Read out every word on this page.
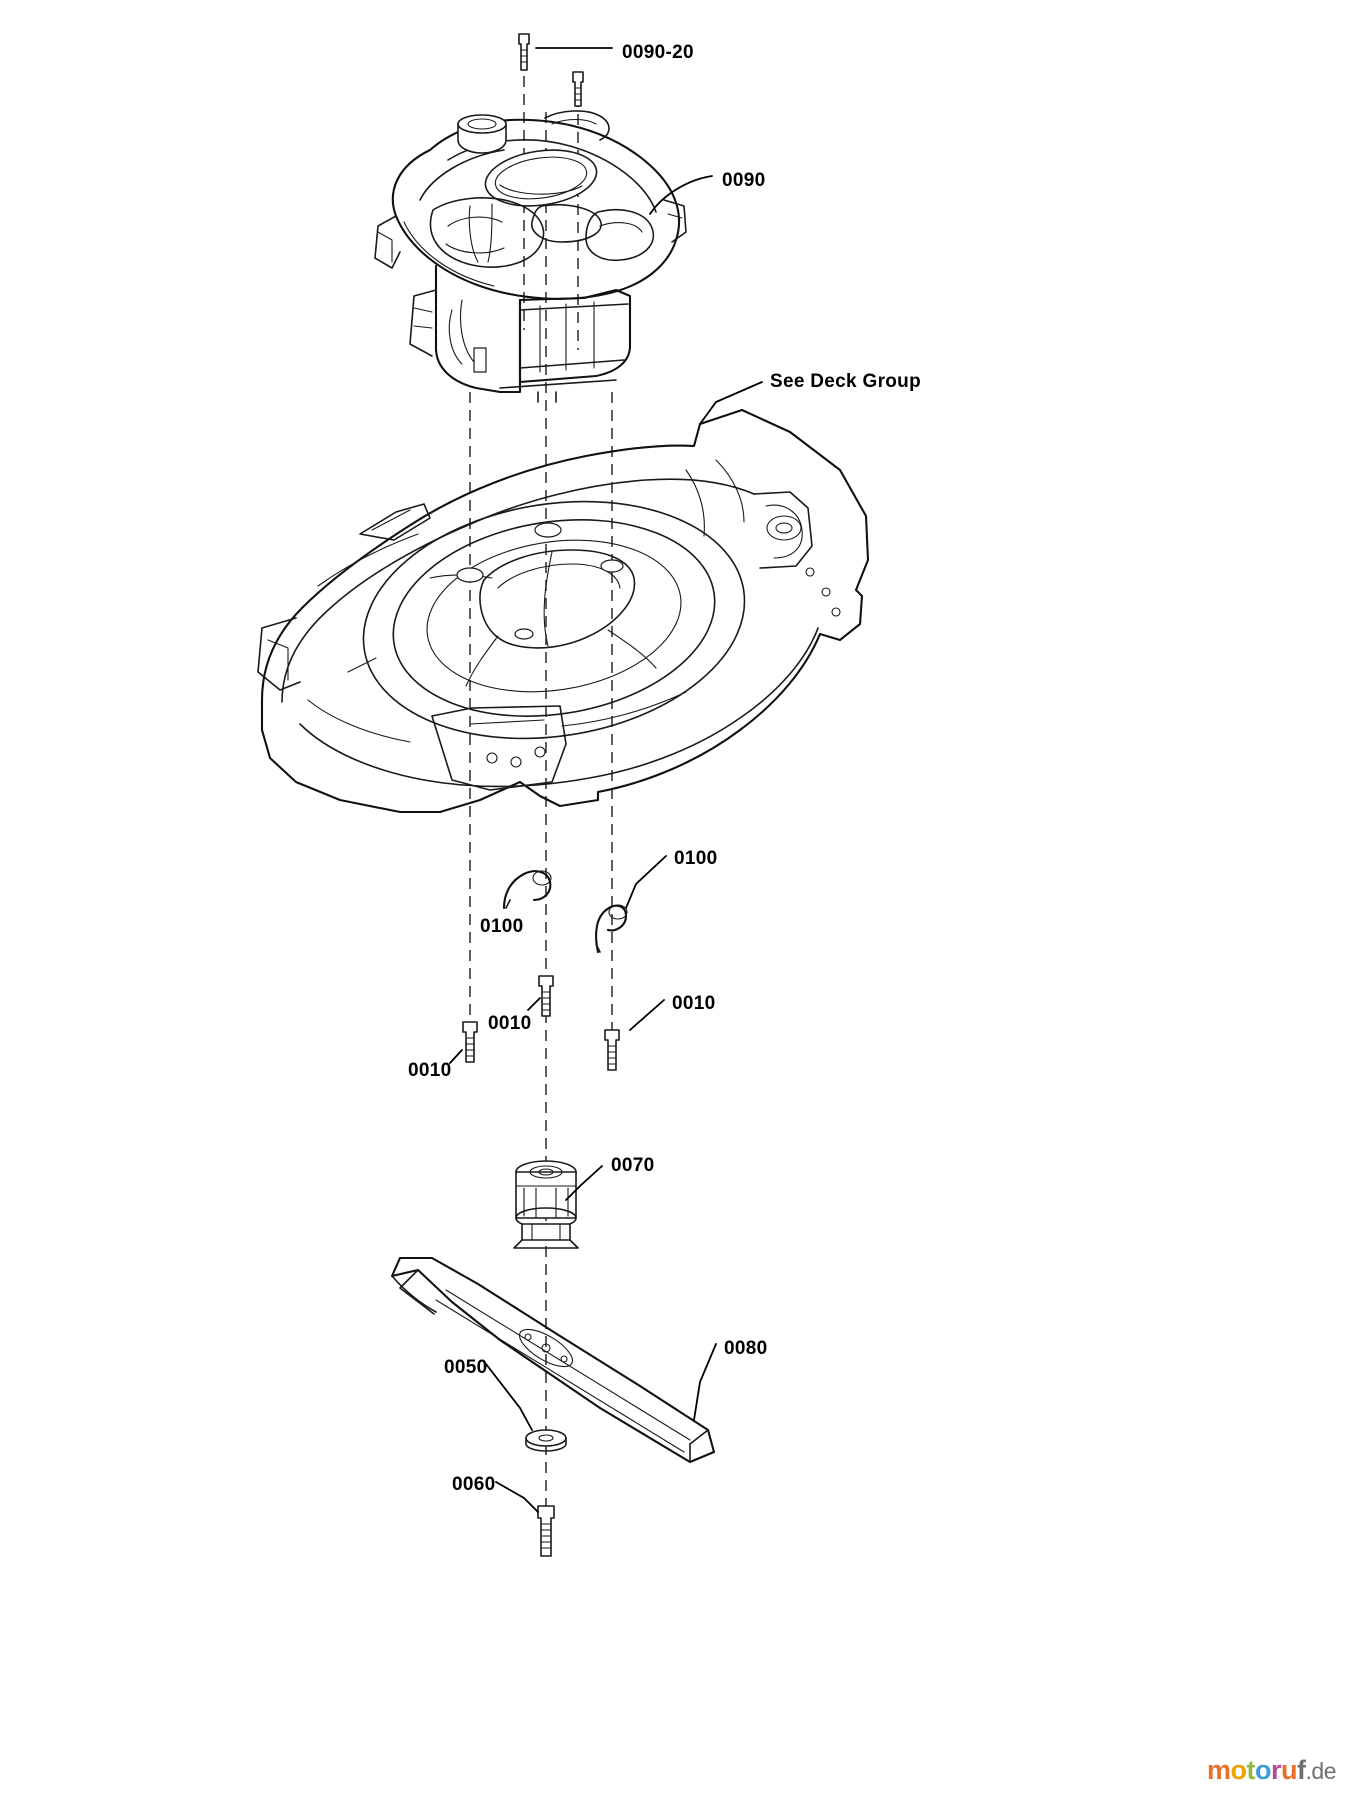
0090-20
0090
See Deck Group
0100
0100
0010
0010
0010
0070
0080
0050
0060
motoruf.de
